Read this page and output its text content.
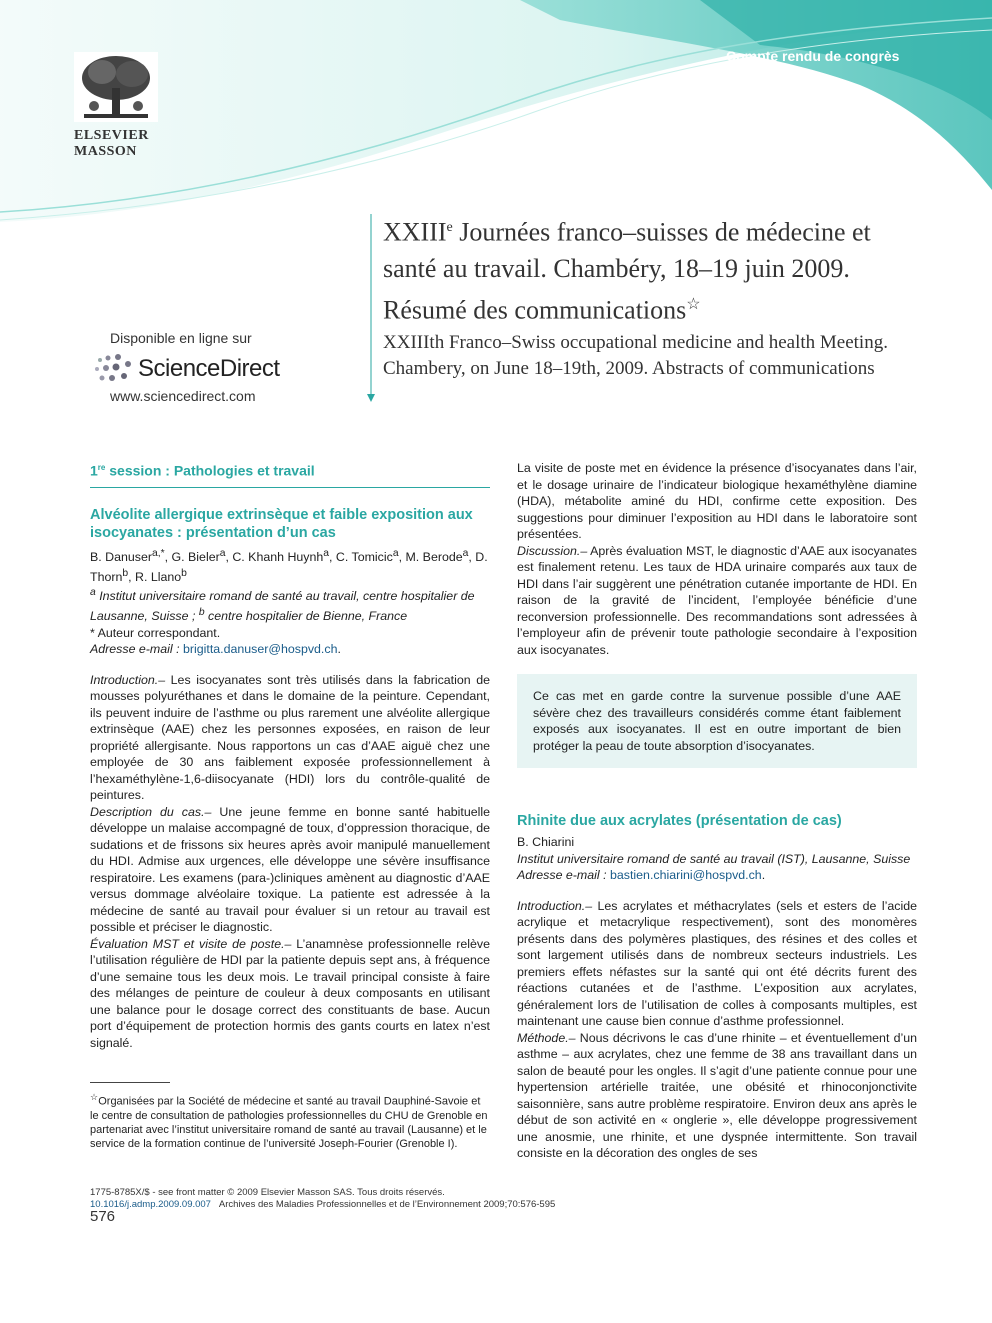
Compte rendu de congrès
ELSEVIER
MASSON
XXIIIe Journées franco–suisses de médecine et santé au travail. Chambéry, 18–19 juin 2009. Résumé des communications☆
XXIIIth Franco–Swiss occupational medicine and health Meeting. Chambery, on June 18–19th, 2009. Abstracts of communications
Disponible en ligne sur
ScienceDirect
www.sciencedirect.com
1re session : Pathologies et travail
Alvéolite allergique extrinsèque et faible exposition aux isocyanates : présentation d’un cas

B. Danuser$^{a,*}$, G. Bieler$^a$, C. Khanh Huynh$^a$, C. Tomicic$^a$, M. Berode$^a$, D. Thorn$^b$, R. Llano$^b$

$^a$ Institut universitaire romand de santé au travail, centre hospitalier de Lausanne, Suisse ; $^b$ centre hospitalier de Bienne, France

* Auteur correspondant.

Adresse e-mail : brigitta.danuser@hospvd.ch.

Introduction.– Les isocyanates sont très utilisés dans la fabrication de mousses polyuréthanes et dans le domaine de la peinture. Cependant, ils peuvent induire de l’asthme ou plus rarement une alvéolite allergique extrinsèque (AAE) chez les personnes exposées, en raison de leur propriété allergisante. Nous rapportons un cas d’AAE aiguë chez une employée de 30 ans faiblement exposée professionnellement à l’hexaméthylène-1,6-diisocyanate (HDI) lors du contrôle-qualité de peintures.

Description du cas.– Une jeune femme en bonne santé habituelle développe un malaise accompagné de toux, d’oppression thoracique, de sudations et de frissons six heures après avoir manipulé manuellement du HDI. Admise aux urgences, elle développe une sévère insuffisance respiratoire. Les examens (para-)cliniques amènent au diagnostic d’AAE versus dommage alvéolaire toxique. La patiente est adressée à la médecine de santé au travail pour évaluer si un retour au travail est possible et préciser le diagnostic.

Évaluation MST et visite de poste.– L’anamnèse professionnelle relève l’utilisation régulière de HDI par la patiente depuis sept ans, à fréquence d’une semaine tous les deux mois. Le travail principal consiste à faire des mélanges de peinture de couleur à deux composants en utilisant une balance pour le dosage correct des constituants de base. Aucun port d’équipement de protection hormis des gants courts en latex n’est signalé.

La visite de poste met en évidence la présence d’isocyanates dans l’air, et le dosage urinaire de l’indicateur biologique hexaméthylène diamine (HDA), métabolite aminé du HDI, confirme cette exposition. Des suggestions pour diminuer l’exposition au HDI dans le laboratoire sont présentées.

Discussion.– Après évaluation MST, le diagnostic d’AAE aux isocyanates est finalement retenu. Les taux de HDA urinaire comparés aux taux de HDI dans l’air suggèrent une pénétration cutanée importante de HDI. En raison de la gravité de l’incident, l’employée bénéficie d’une reconversion professionnelle. Des recommandations sont adressées à l’employeur afin de prévenir toute pathologie secondaire à l’exposition aux isocyanates.

Ce cas met en garde contre la survenue possible d’une AAE sévère chez des travailleurs considérés comme étant faiblement exposés aux isocyanates. Il est en outre important de bien protéger la peau de toute absorption d’isocyanates.
Rhinite due aux acrylates (présentation de cas)

B. Chiarini

Institut universitaire romand de santé au travail (IST), Lausanne, Suisse

Adresse e-mail : bastien.chiarini@hospvd.ch.

Introduction.– Les acrylates et méthacrylates (sels et esters de l’acide acrylique et metacrylique respectivement), sont des monomères présents dans des polymères plastiques, des résines et des colles et sont largement utilisés dans de nombreux secteurs industriels. Les premiers effets néfastes sur la santé qui ont été décrits furent des réactions cutanées et de l’asthme. L’exposition aux acrylates, généralement lors de l’utilisation de colles à composants multiples, est maintenant une cause bien connue d’asthme professionnel.

Méthode.– Nous décrivons le cas d’une rhinite – et éventuellement d’un asthme – aux acrylates, chez une femme de 38 ans travaillant dans un salon de beauté pour les ongles. Il s’agit d’une patiente connue pour une hypertension artérielle traitée, une obésité et rhinoconjonctivite saisonnière, sans autre problème respiratoire. Environ deux ans après le début de son activité en « onglerie », elle développe progressivement une anosmie, une rhinite, et une dyspnée intermittente. Son travail consiste en la décoration des ongles de ses

☆Organisées par la Société de médecine et santé au travail Dauphiné-Savoie et le centre de consultation de pathologies professionnelles du CHU de Grenoble en partenariat avec l’institut universitaire romand de santé au travail (Lausanne) et le service de la formation continue de l’université Joseph-Fourier (Grenoble I).
1775-8785X/$ - see front matter © 2009 Elsevier Masson SAS. Tous droits réservés.
10.1016/j.admp.2009.09.007 Archives des Maladies Professionnelles et de l’Environnement 2009;70:576-595
576
